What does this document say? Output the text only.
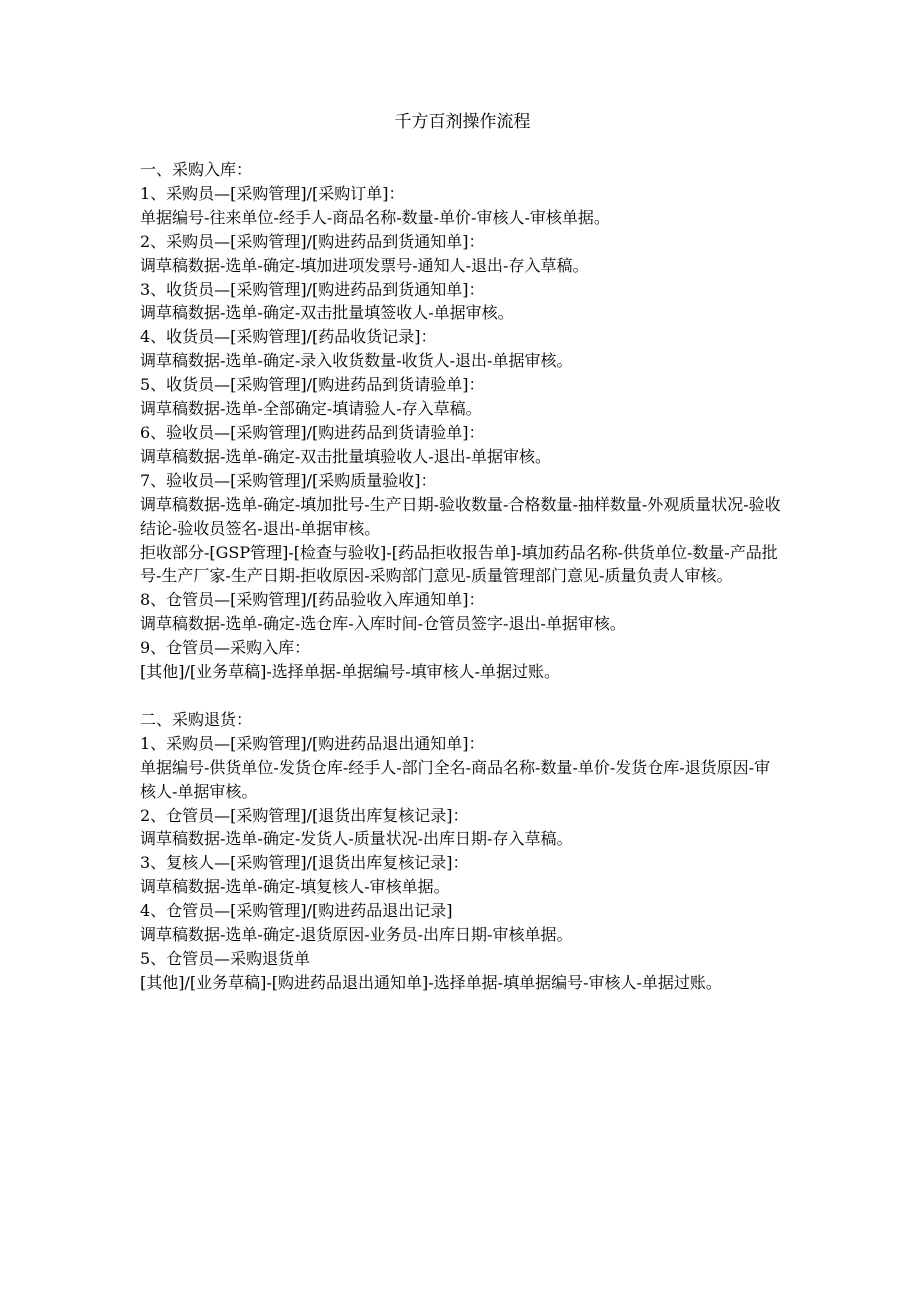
千方百剂操作流程

一、采购入库：

1、采购员—[采购管理]/[采购订单]：

单据编号-往来单位-经手人-商品名称-数量-单价-审核人-审核单据。

2、采购员—[采购管理]/[购进药品到货通知单]：

调草稿数据-选单-确定-填加进项发票号-通知人-退出-存入草稿。

3、收货员—[采购管理]/[购进药品到货通知单]：

调草稿数据-选单-确定-双击批量填签收人-单据审核。

4、收货员—[采购管理]/[药品收货记录]：

调草稿数据-选单-确定-录入收货数量-收货人-退出-单据审核。

5、收货员—[采购管理]/[购进药品到货请验单]：

调草稿数据-选单-全部确定-填请验人-存入草稿。

6、验收员—[采购管理]/[购进药品到货请验单]：

调草稿数据-选单-确定-双击批量填验收人-退出-单据审核。

7、验收员—[采购管理]/[采购质量验收]：

调草稿数据-选单-确定-填加批号-生产日期-验收数量-合格数量-抽样数量-外观质量状况-验收结论-验收员签名-退出-单据审核。

拒收部分-[GSP管理]-[检查与验收]-[药品拒收报告单]-填加药品名称-供货单位-数量-产品批号-生产厂家-生产日期-拒收原因-采购部门意见-质量管理部门意见-质量负责人审核。

8、仓管员—[采购管理]/[药品验收入库通知单]：

调草稿数据-选单-确定-选仓库-入库时间-仓管员签字-退出-单据审核。

9、仓管员—采购入库：

[其他]/[业务草稿]-选择单据-单据编号-填审核人-单据过账。

二、采购退货：

1、采购员—[采购管理]/[购进药品退出通知单]：

单据编号-供货单位-发货仓库-经手人-部门全名-商品名称-数量-单价-发货仓库-退货原因-审核人-单据审核。

2、仓管员—[采购管理]/[退货出库复核记录]：

调草稿数据-选单-确定-发货人-质量状况-出库日期-存入草稿。

3、复核人—[采购管理]/[退货出库复核记录]：

调草稿数据-选单-确定-填复核人-审核单据。

4、仓管员—[采购管理]/[购进药品退出记录]

调草稿数据-选单-确定-退货原因-业务员-出库日期-审核单据。

5、仓管员—采购退货单

[其他]/[业务草稿]-[购进药品退出通知单]-选择单据-填单据编号-审核人-单据过账。
